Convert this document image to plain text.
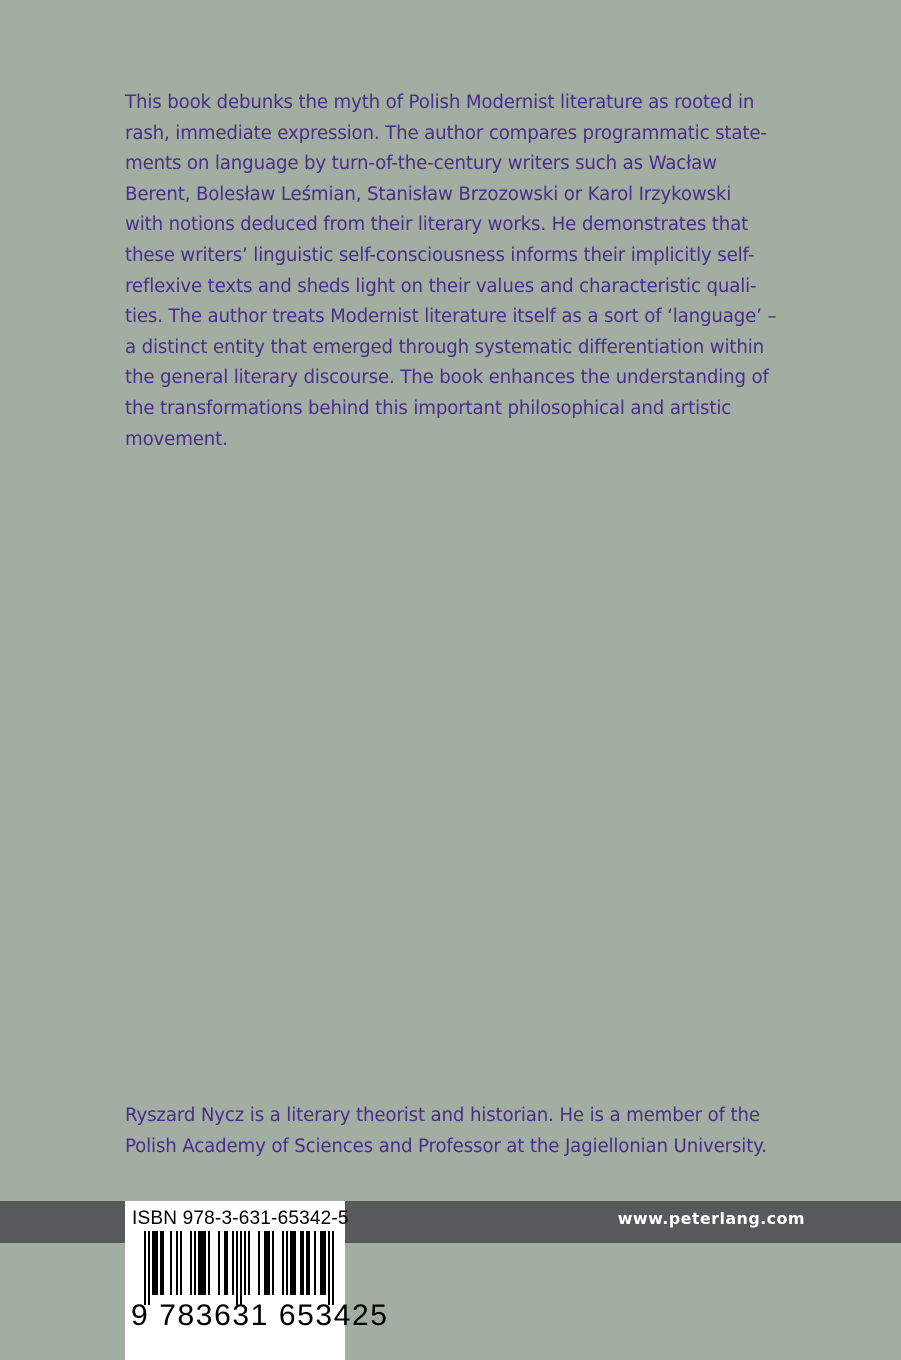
This book debunks the myth of Polish Modernist literature as rooted in
rash, immediate expression. The author compares programmatic state-
ments on language by turn-of-the-century writers such as Wacław
Berent, Bolesław Leśmian, Stanisław Brzozowski or Karol Irzykowski
with notions deduced from their literary works. He demonstrates that
these writers’ linguistic self-consciousness informs their implicitly self-
reflexive texts and sheds light on their values and characteristic quali-
ties. The author treats Modernist literature itself as a sort of ‘language’ –
a distinct entity that emerged through systematic differentiation within
the general literary discourse. The book enhances the understanding of
the transformations behind this important philosophical and artistic
movement.
Ryszard Nycz is a literary theorist and historian. He is a member of the
Polish Academy of Sciences and Professor at the Jagiellonian University.
www.peterlang.com
ISBN 978-3-631-65342-5
9 783631 653425
